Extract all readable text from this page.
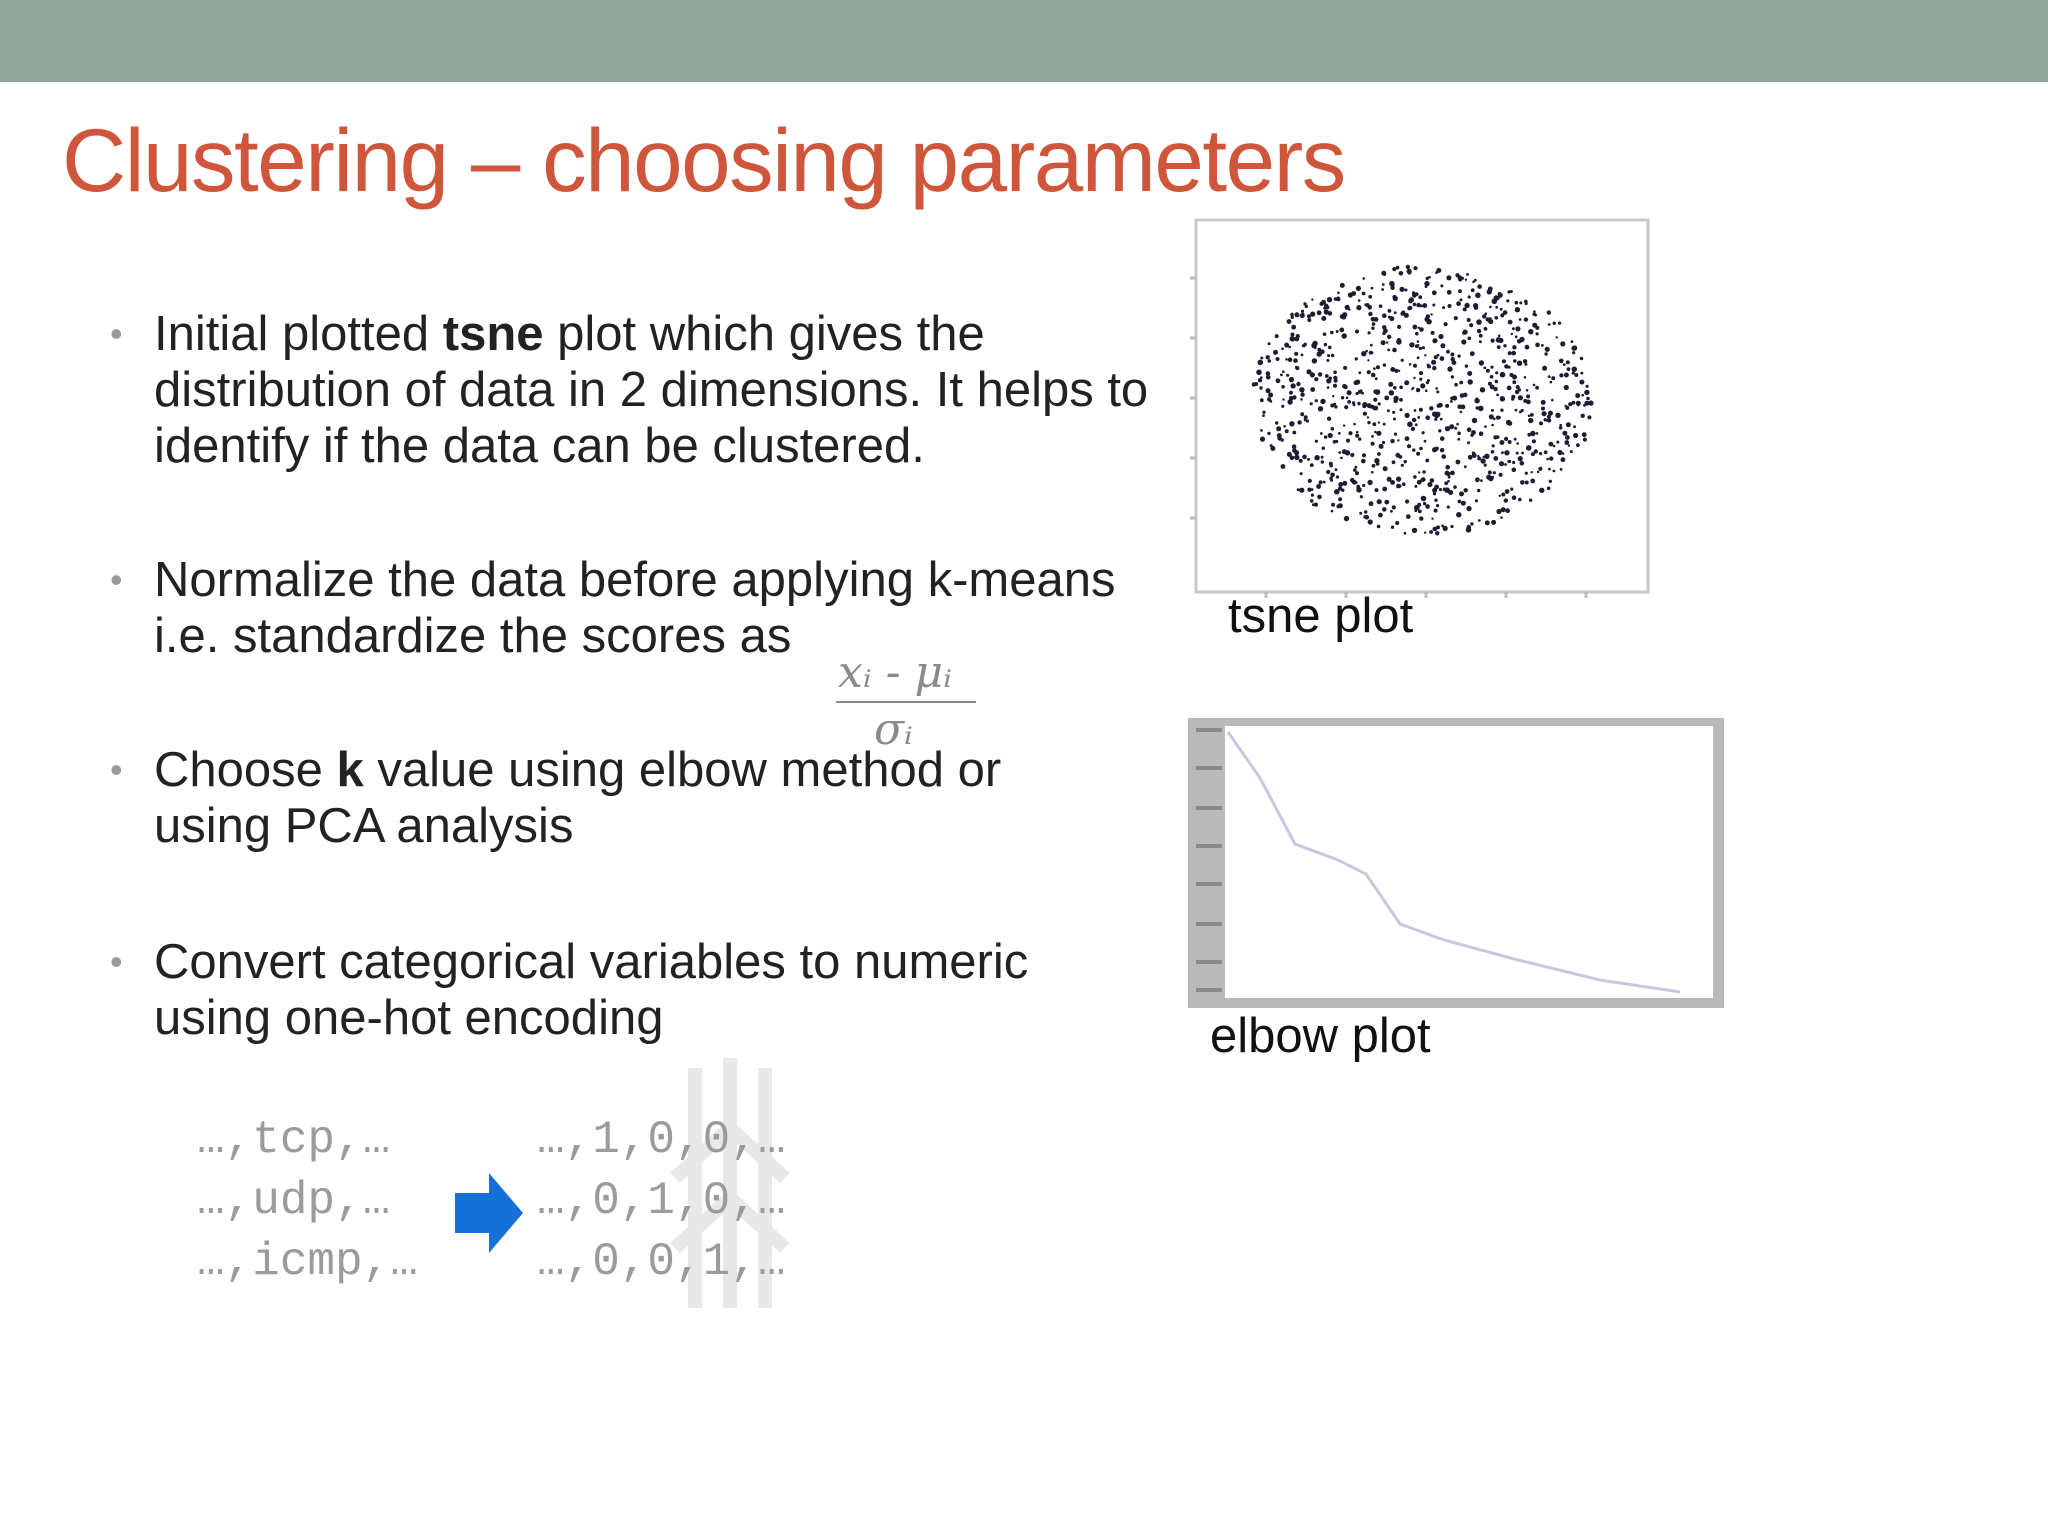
Clustering – choosing parameters
• Initial plotted tsne plot which gives the distribution of data in 2 dimensions. It helps to identify if the data can be clustered.
• Normalize the data before applying k-means i.e. standardize the scores as
• Choose k value using elbow method or using PCA analysis
• Convert categorical variables to numeric using one-hot encoding
xᵢ - μᵢ
σᵢ
…,tcp,…
…,udp,…
…,icmp,…
…,1,0,0,…
…,0,1,0,…
…,0,0,1,…
tsne plot
elbow plot
